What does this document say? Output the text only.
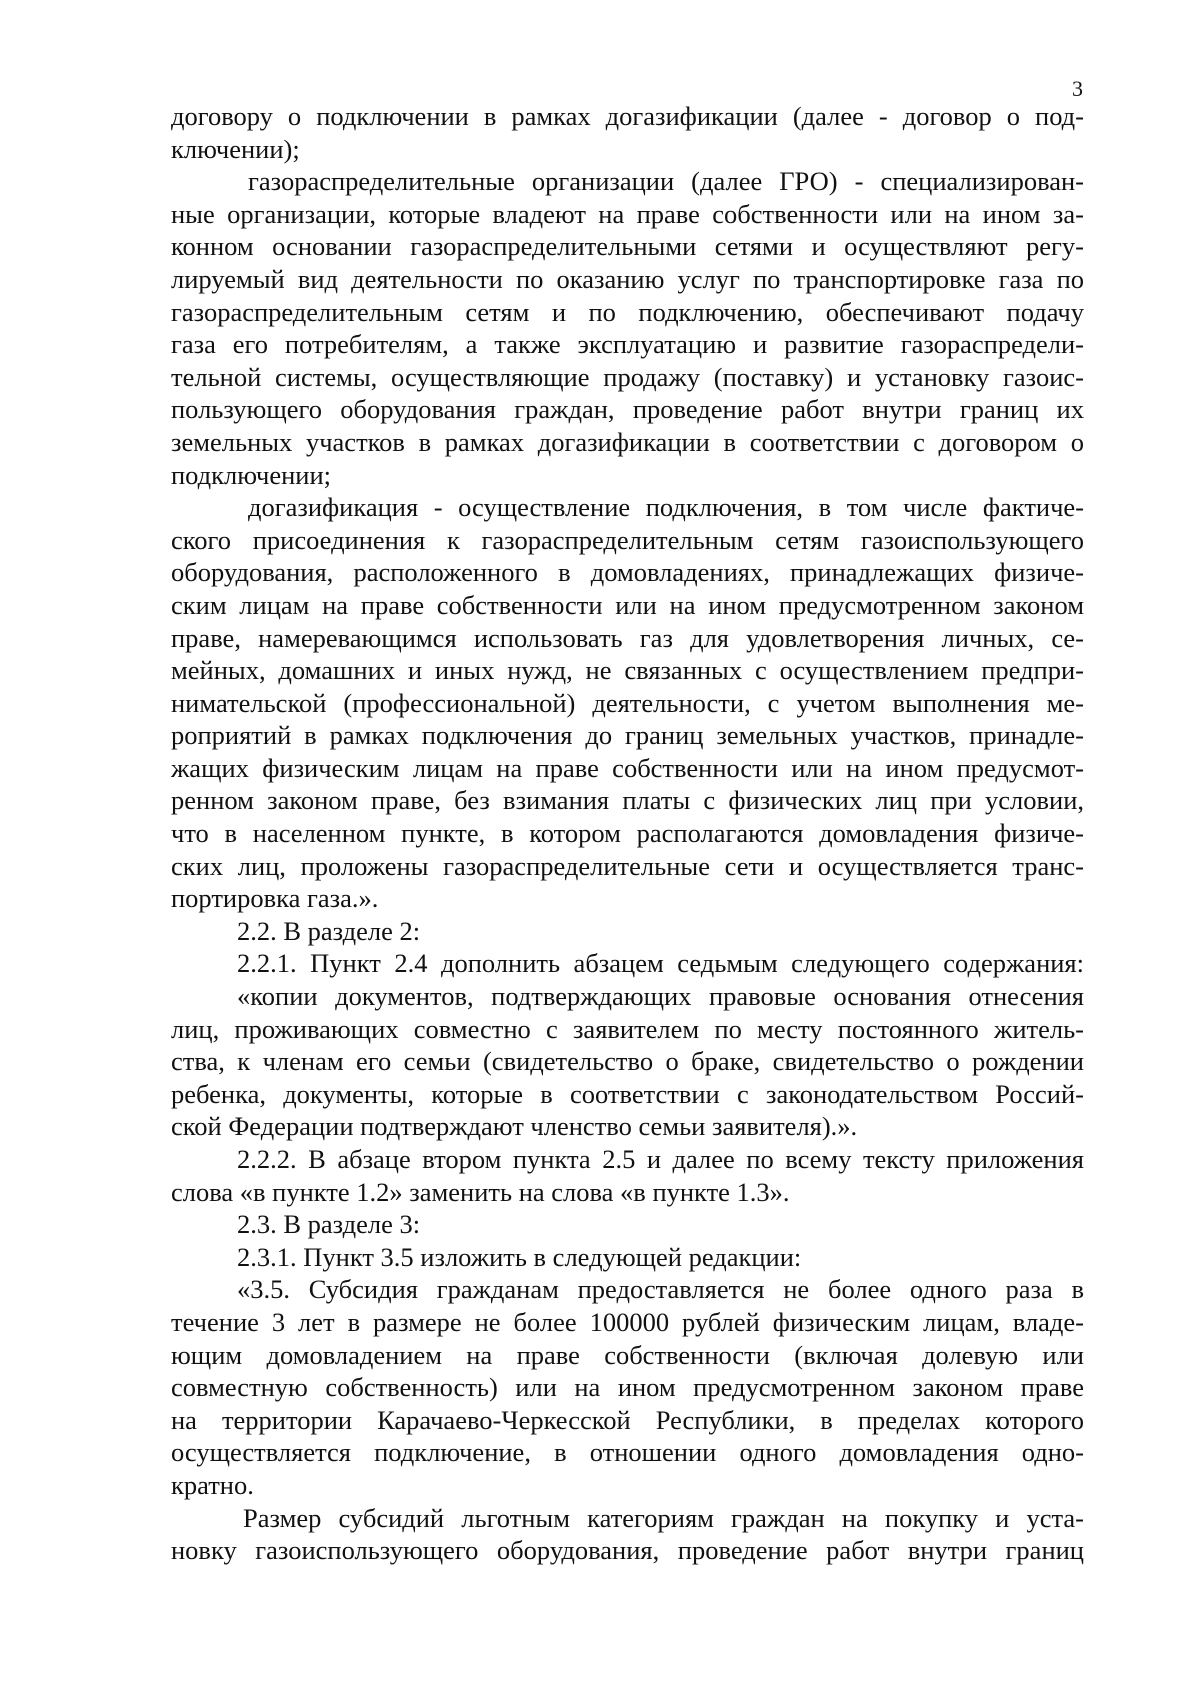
3
договору о подключении в рамках догазификации (далее - договор о под-
ключении);
газораспределительные организации (далее ГРО) - специализирован-
ные организации, которые владеют на праве собственности или на ином за-
конном основании газораспределительными сетями и осуществляют регу-
лируемый вид деятельности по оказанию услуг по транспортировке газа по
газораспределительным сетям и по подключению, обеспечивают подачу
газа его потребителям, а также эксплуатацию и развитие газораспредели-
тельной системы, осуществляющие продажу (поставку) и установку газоис-
пользующего оборудования граждан, проведение работ внутри границ их
земельных участков в рамках догазификации в соответствии с договором о
подключении;
догазификация - осуществление подключения, в том числе фактиче-
ского присоединения к газораспределительным сетям газоиспользующего
оборудования, расположенного в домовладениях, принадлежащих физиче-
ским лицам на праве собственности или на ином предусмотренном законом
праве, намеревающимся использовать газ для удовлетворения личных, се-
мейных, домашних и иных нужд, не связанных с осуществлением предпри-
нимательской (профессиональной) деятельности, с учетом выполнения ме-
роприятий в рамках подключения до границ земельных участков, принадле-
жащих физическим лицам на праве собственности или на ином предусмот-
ренном законом праве, без взимания платы с физических лиц при условии,
что в населенном пункте, в котором располагаются домовладения физиче-
ских лиц, проложены газораспределительные сети и осуществляется транс-
портировка газа.».
2.2. В разделе 2:
2.2.1. Пункт 2.4 дополнить абзацем седьмым следующего содержания:
«копии документов, подтверждающих правовые основания отнесения
лиц, проживающих совместно с заявителем по месту постоянного житель-
ства, к членам его семьи (свидетельство о браке, свидетельство о рождении
ребенка, документы, которые в соответствии с законодательством Россий-
ской Федерации подтверждают членство семьи заявителя).».
2.2.2. В абзаце втором пункта 2.5 и далее по всему тексту приложения
слова «в пункте 1.2» заменить на слова «в пункте 1.3».
2.3. В разделе 3:
2.3.1. Пункт 3.5 изложить в следующей редакции:
«3.5. Субсидия гражданам предоставляется не более одного раза в
течение 3 лет в размере не более 100000 рублей физическим лицам, владе-
ющим домовладением на праве собственности (включая долевую или
совместную собственность) или на ином предусмотренном законом праве
на территории Карачаево-Черкесской Республики, в пределах которого
осуществляется подключение, в отношении одного домовладения одно-
кратно.
Размер субсидий льготным категориям граждан на покупку и уста-
новку газоиспользующего оборудования, проведение работ внутри границ
